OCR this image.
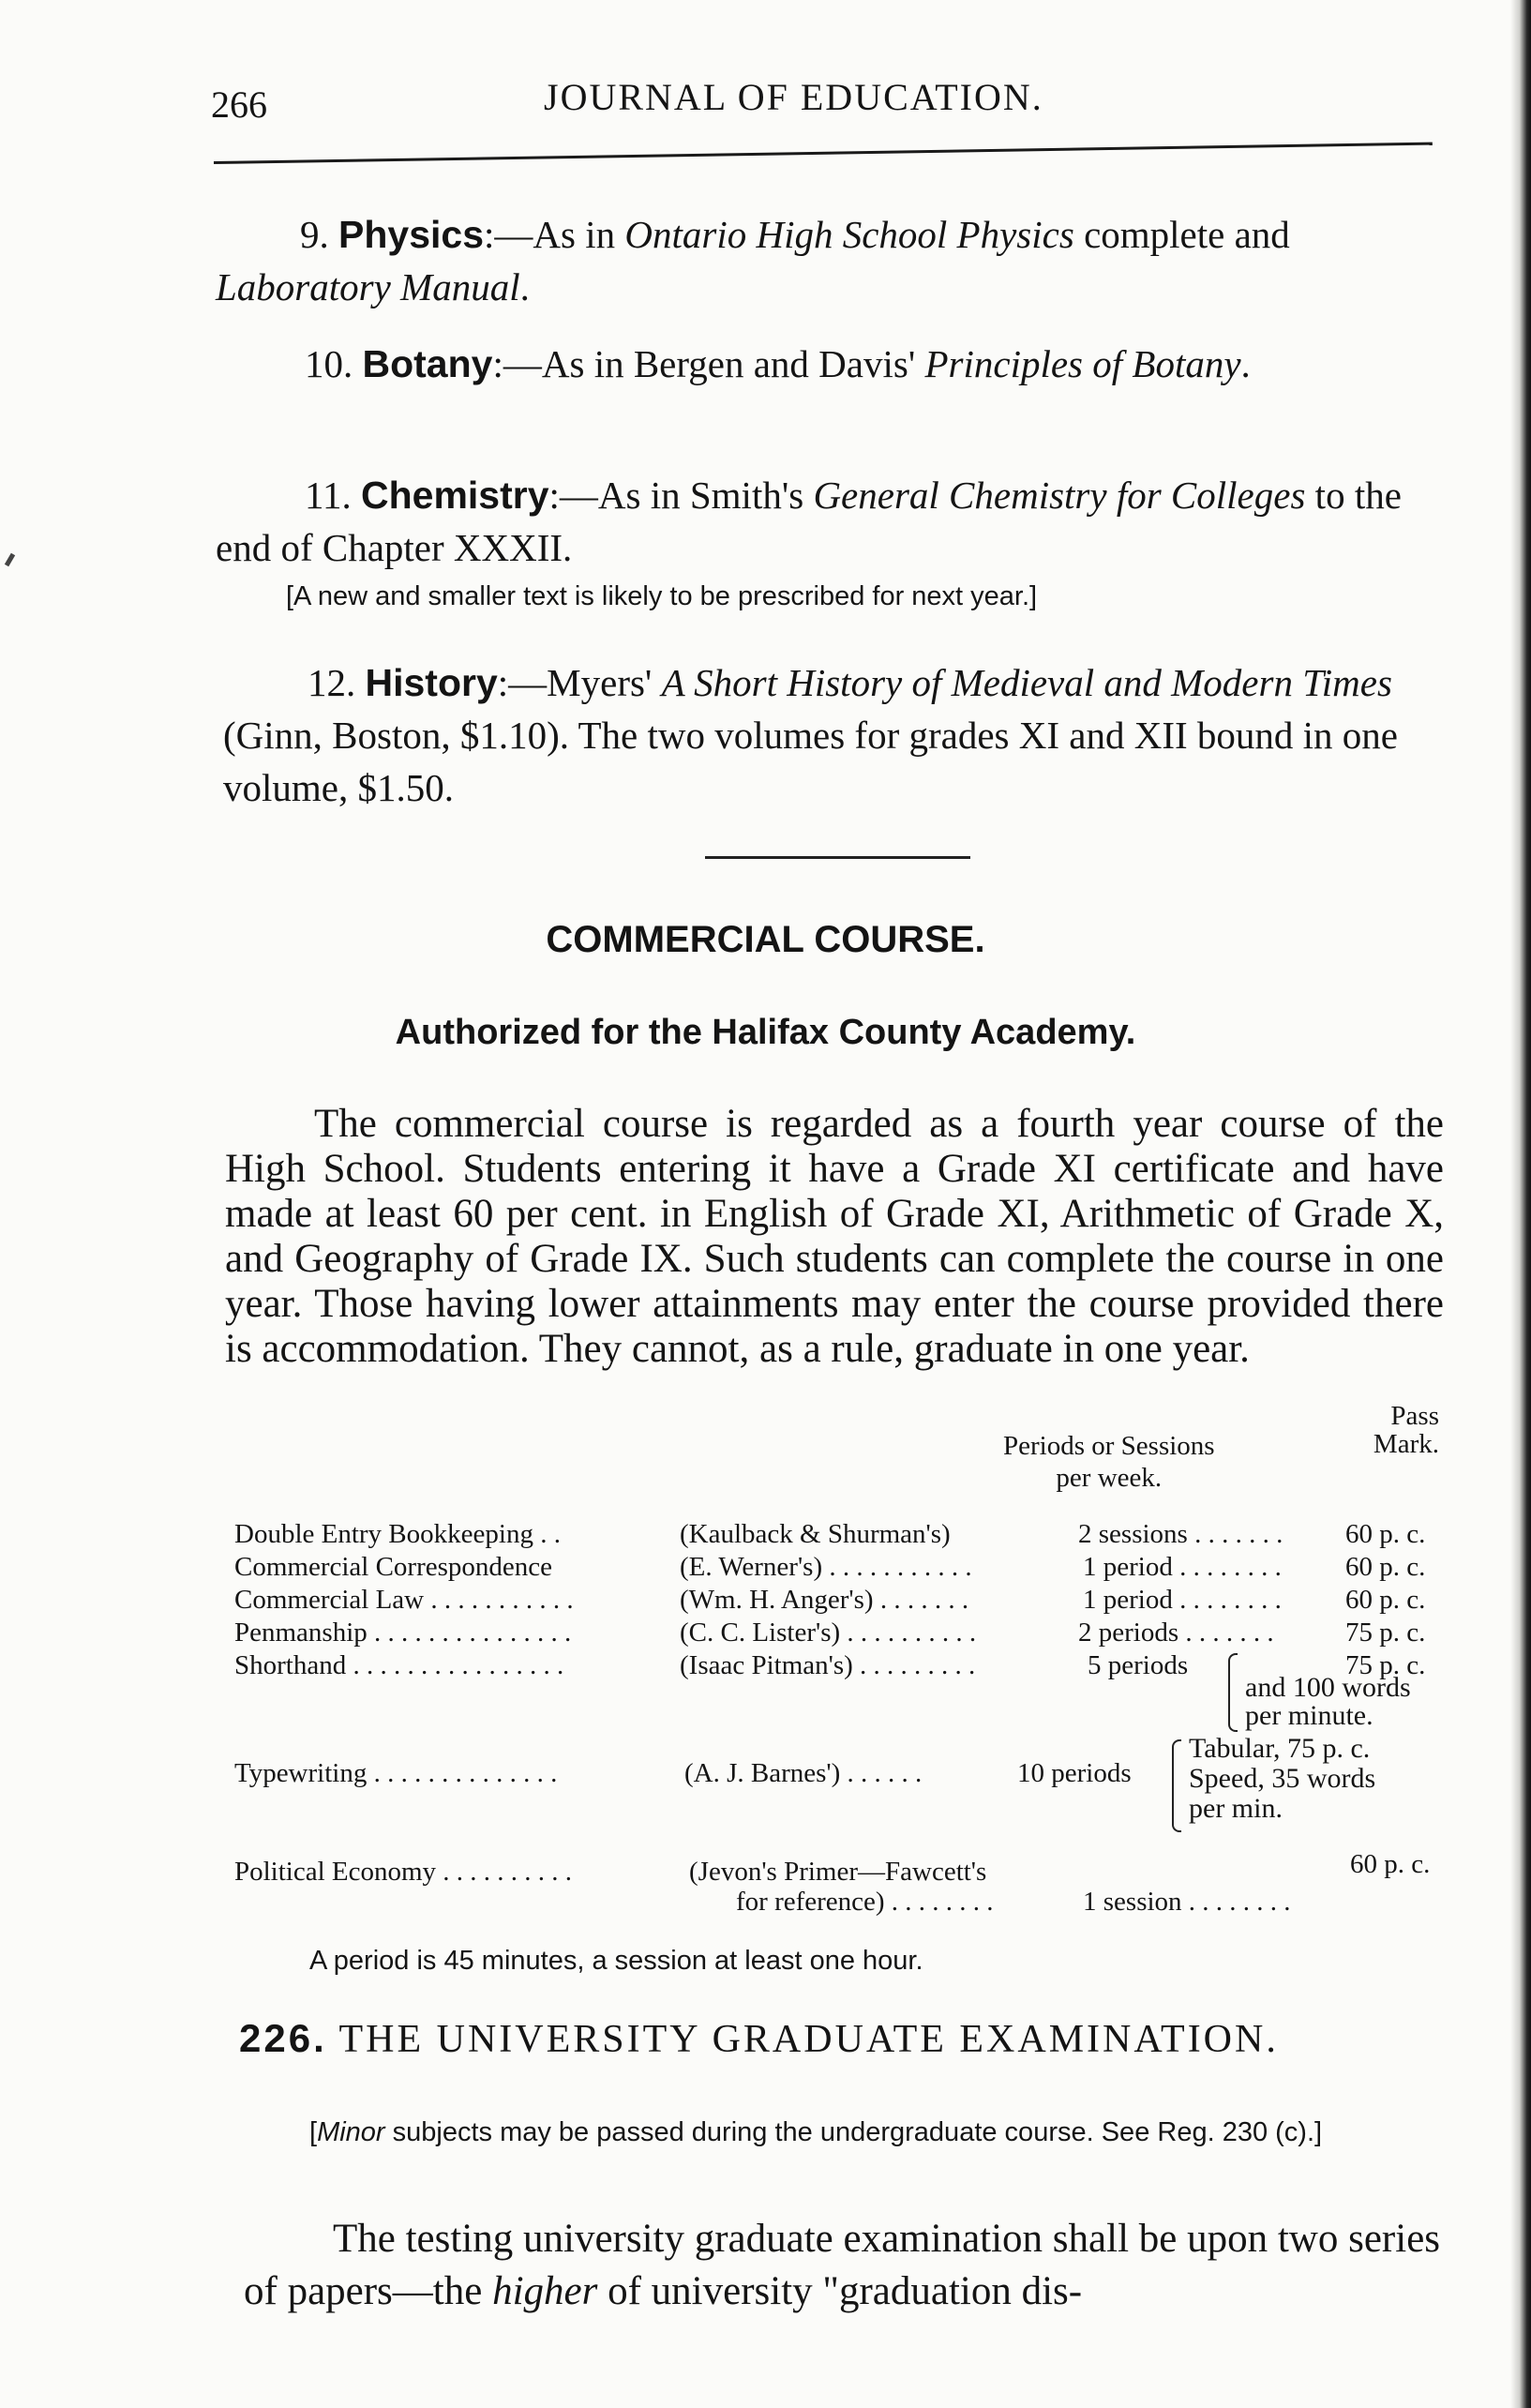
266	JOURNAL OF EDUCATION.
9. Physics:—As in Ontario High School Physics complete and Laboratory Manual.
10. Botany:—As in Bergen and Davis' Principles of Botany.
11. Chemistry:—As in Smith's General Chemistry for Colleges to the end of Chapter XXXII.
[A new and smaller text is likely to be prescribed for next year.]
12. History:—Myers' A Short History of Medieval and Modern Times (Ginn, Boston, $1.10). The two volumes for grades XI and XII bound in one volume, $1.50.
COMMERCIAL COURSE.
Authorized for the Halifax County Academy.
The commercial course is regarded as a fourth year course of the High School. Students entering it have a Grade XI certificate and have made at least 60 per cent. in English of Grade XI, Arithmetic of Grade X, and Geography of Grade IX. Such students can complete the course in one year. Those having lower attainments may enter the course provided there is accommodation. They cannot, as a rule, graduate in one year.
Periods or Sessions
per week.
Pass
Mark.
Double Entry Bookkeeping . .	(Kaulback & Shurman's)	2 sessions . . . . . . . 60 p. c.
Commercial Correspondence	(E. Werner's) . . . . . . . . . . .	1 period . . . . . . . . 60 p. c.
Commercial Law . . . . . . . . . . .	(Wm. H. Anger's) . . . . . . .	1 period . . . . . . . . 60 p. c.
Penmanship . . . . . . . . . . . . . . .	(C. C. Lister's) . . . . . . . . . .	2 periods . . . . . . .	75 p. c.
Shorthand . . . . . . . . . . . . . . . .	(Isaac Pitman's) . . . . . . . . .	5 periods	75 p. c.
and 100 words
per minute.
Typewriting . . . . . . . . . . . . . .	(A. J. Barnes') . . . . . .	10 periods
Tabular, 75 p. c.
Speed, 35 words
per min.
Political Economy . . . . . . . . . .	(Jevon's Primer—Fawcett's	60 p. c.
for reference) . . . . . . . .	1 session . . . . . . . .
A period is 45 minutes, a session at least one hour.
226. THE UNIVERSITY GRADUATE EXAMINATION.
[Minor subjects may be passed during the undergraduate course. See Reg. 230 (c).]
The testing university graduate examination shall be upon two series of papers—the higher of university "graduation dis-
